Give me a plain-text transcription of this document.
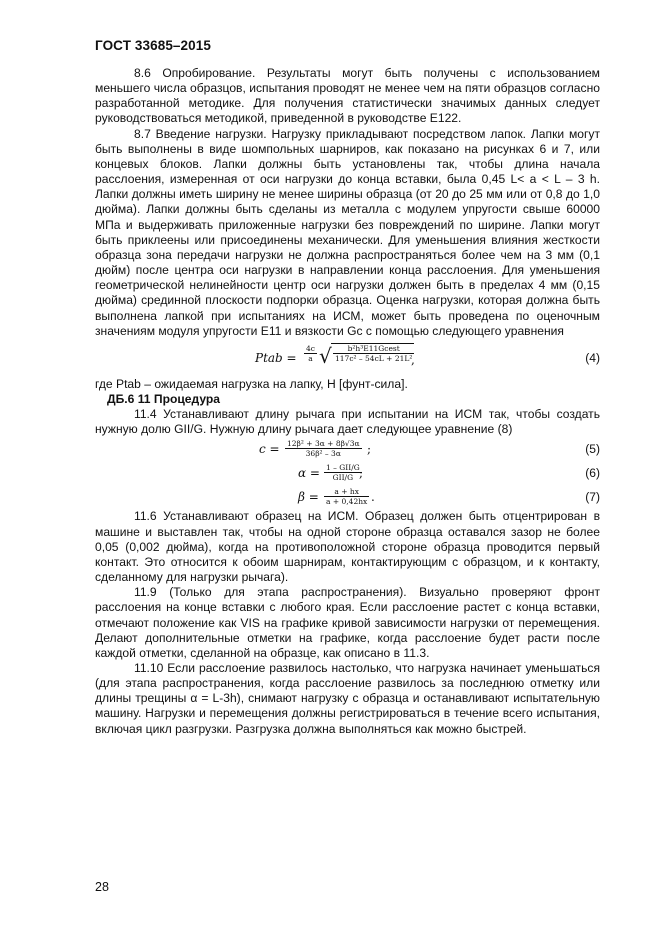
ГОСТ 33685–2015

8.6 Опробирование. Результаты могут быть получены с использованием меньшего числа образцов, испытания проводят не менее чем на пяти образцов согласно разработанной методике. Для получения статистически значимых данных следует руководствоваться методикой, приведенной в руководстве E122.

8.7 Введение нагрузки. Нагрузку прикладывают посредством лапок. Лапки могут быть выполнены в виде шомпольных шарниров, как показано на рисунках 6 и 7, или концевых блоков. Лапки должны быть установлены так, чтобы длина начала расслоения, измеренная от оси нагрузки до конца вставки, была 0,45 L< a < L – 3 h. Лапки должны иметь ширину не менее ширины образца (от 20 до 25 мм или от 0,8 до 1,0 дюйма). Лапки должны быть сделаны из металла с модулем упругости свыше 60000 МПа и выдерживать приложенные нагрузки без повреждений по ширине. Лапки могут быть приклеены или присоединены механически. Для уменьшения влияния жесткости образца зона передачи нагрузки не должна распространяться более чем на 3 мм (0,1 дюйм) после центра оси нагрузки в направлении конца расслоения. Для уменьшения геометрической нелинейности центр оси нагрузки должен быть в пределах 4 мм (0,15 дюйма) срединной плоскости подпорки образца. Оценка нагрузки, которая должна быть выполнена лапкой при испытаниях на ИСМ, может быть проведена по оценочным значениям модуля упругости E11 и вязкости Gc с помощью следующего уравнения

Ptab = $\frac{4c}{a}$ √ $\frac{\text{b²h³E11Gcest}}{\text{117c² – 54cL + 21L²}}$
,	(4)

где Ptab – ожидаемая нагрузка на лапку, Н [фунт-сила].

ДБ.6 11 Процедура

11.4 Устанавливают длину рычага при испытании на ИСМ так, чтобы создать нужную долю GII/G. Нужную длину рычага дает следующее уравнение (8)

$c = \frac{\text{12β² + 3α + 8β√3α}}{\text{36β² – 3α}}$ ;	(5)
$\alpha = \frac{\text{1 – GII/G}}{\text{GII/G}}$
;	(6)
$\beta = \frac{a + hx}{a + 0,42hx}$ .	(7)

11.6 Устанавливают образец на ИСМ. Образец должен быть отцентрирован в машине и выставлен так, чтобы на одной стороне образца оставался зазор не более 0,05 (0,002 дюйма), когда на противоположной стороне образца проводится первый контакт. Это относится к обоим шарнирам, контактирующим с образцом, и к контакту, сделанному для нагрузки рычага).

11.9 (Только для этапа распространения). Визуально проверяют фронт расслоения на конце вставки с любого края. Если расслоение растет с конца вставки, отмечают положение как VIS на графике кривой зависимости нагрузки от перемещения. Делают дополнительные отметки на графике, когда расслоение будет расти после каждой отметки, сделанной на образце, как описано в 11.3.

11.10 Если расслоение развилось настолько, что нагрузка начинает уменьшаться (для этапа распространения, когда расслоение развилось за последнюю отметку или длины трещины α = L-3h), снимают нагрузку с образца и останавливают испытательную машину. Нагрузки и перемещения должны регистрироваться в течение всего испытания, включая цикл разгрузки. Разгрузка должна выполняться как можно быстрей.

28
